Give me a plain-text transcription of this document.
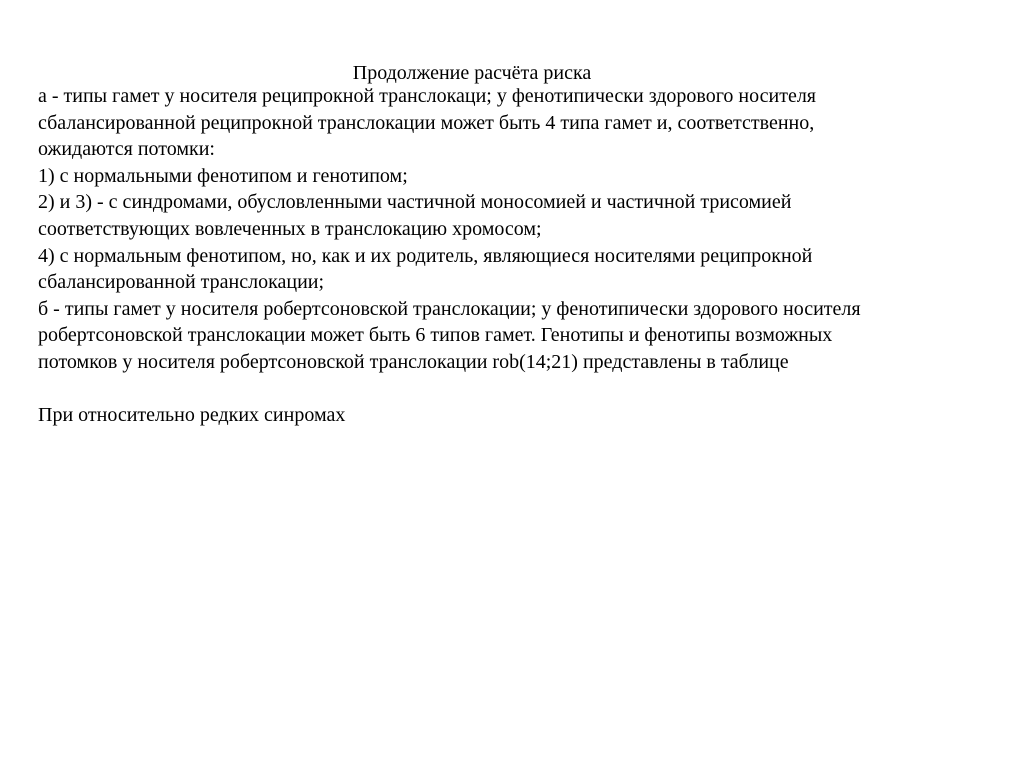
Продолжение расчёта риска

а - типы гамет у носителя реципрокной транслокаци; у фенотипически здорового носителя

сбалансированной реципрокной транслокации может быть 4 типа гамет и, соответственно,

ожидаются потомки:

1) с нормальными фенотипом и генотипом;

2) и 3) - с синдромами, обусловленными частичной моносомией и частичной трисомией

соответствующих вовлеченных в транслокацию хромосом;

4) с нормальным фенотипом, но, как и их родитель, являющиеся носителями реципрокной

сбалансированной транслокации;

б - типы гамет у носителя робертсоновской транслокации; у фенотипически здорового носителя

робертсоновской транслокации может быть 6 типов гамет. Генотипы и фенотипы возможных

потомков у носителя робертсоновской транслокации rob(14;21) представлены в таблице

При относительно редких синромах
